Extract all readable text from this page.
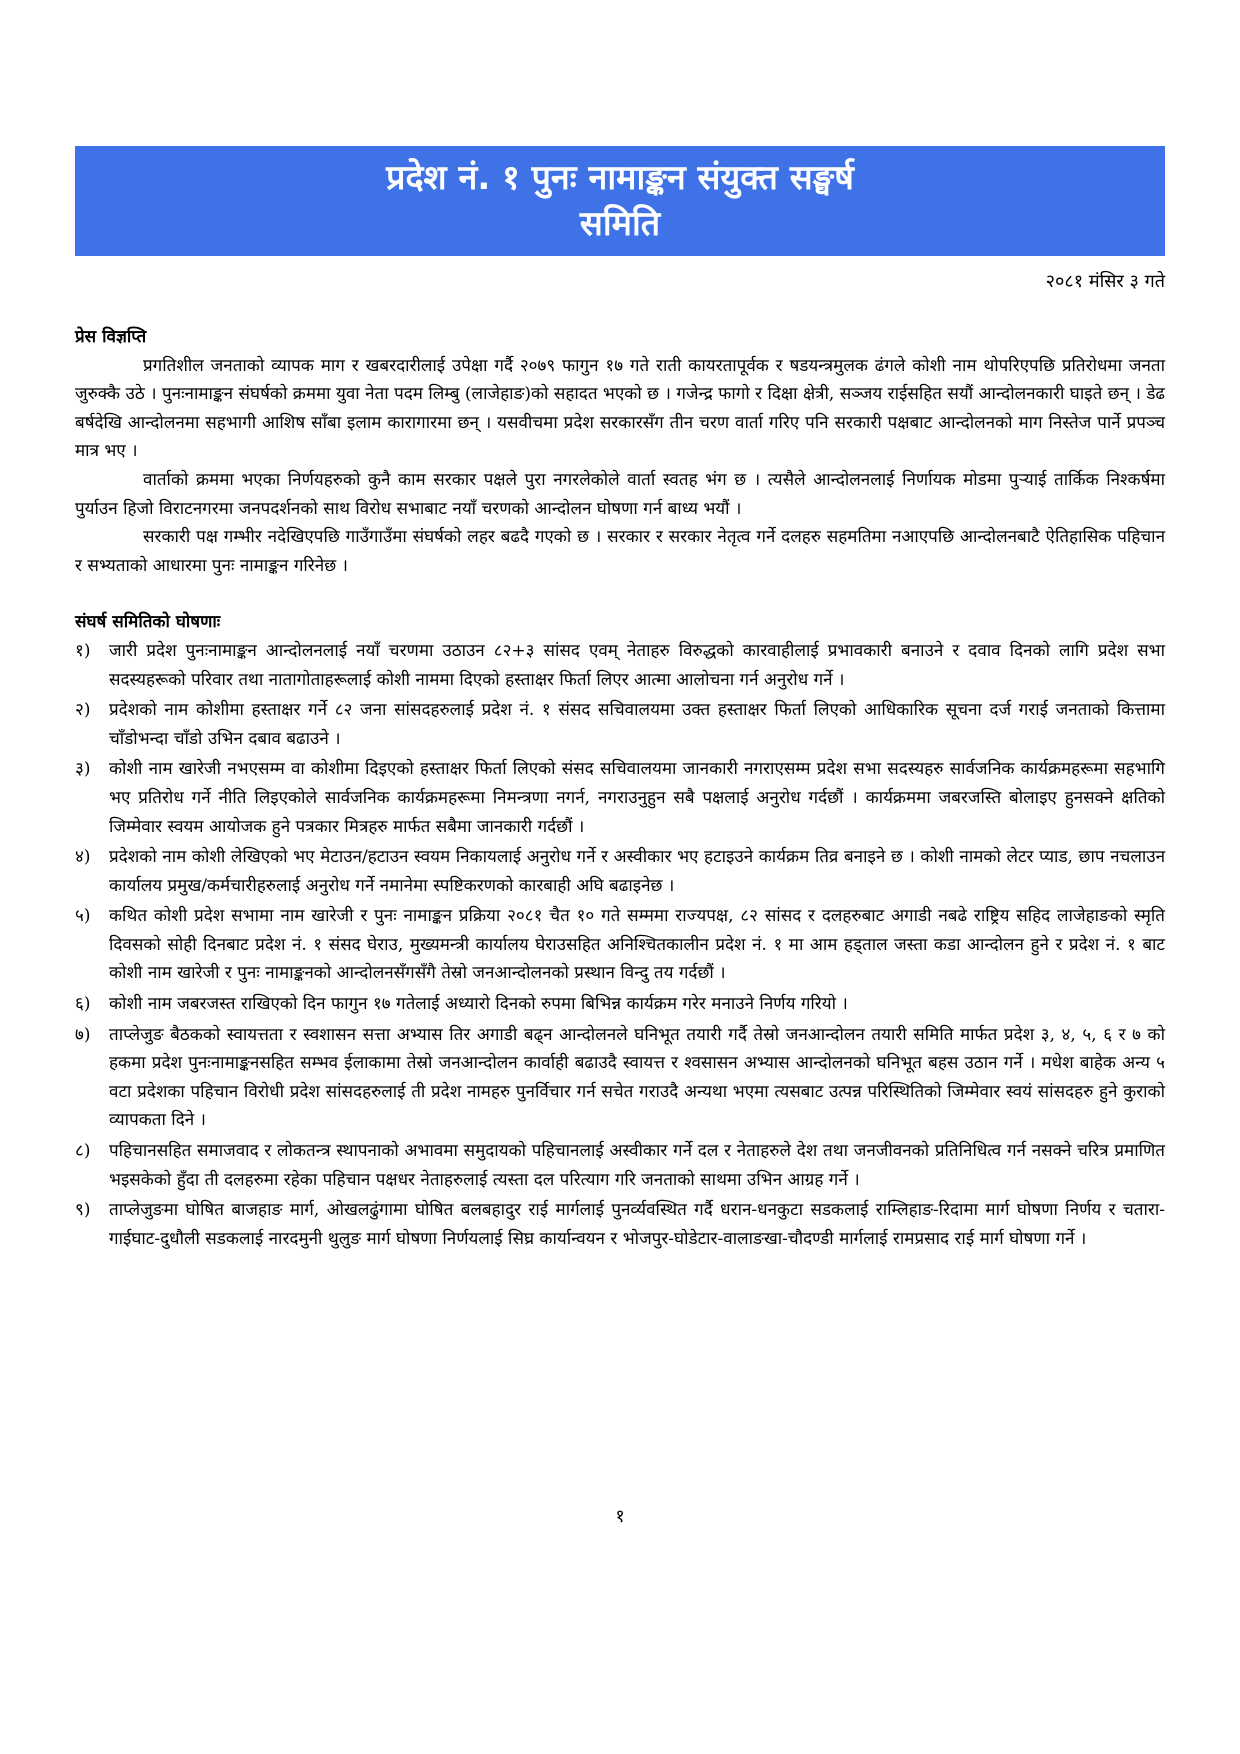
प्रदेश नं. १ पुनः नामाङ्कन संयुक्त सङ्घर्ष
समिति
२०८१ मंसिर ३ गते

प्रेस विज्ञप्ति

प्रगतिशील जनताको व्यापक माग र खबरदारीलाई उपेक्षा गर्दै २०७९ फागुन १७ गते राती कायरतापूर्वक र षडयन्त्रमुलक ढंगले कोशी नाम थोपरिएपछि प्रतिरोधमा जनता जुरुक्कै उठे । पुनःनामाङ्कन संघर्षको क्रममा युवा नेता पदम लिम्बु (लाजेहाङ)को सहादत भएको छ । गजेन्द्र फागो र दिक्षा क्षेत्री, सञ्जय राईसहित सयौं आन्दोलनकारी घाइते छन् । डेढ बर्षदेखि आन्दोलनमा सहभागी आशिष साँबा इलाम कारागारमा छन् । यसवीचमा प्रदेश सरकारसँग तीन चरण वार्ता गरिए पनि सरकारी पक्षबाट आन्दोलनको माग निस्तेज पार्ने प्रपञ्च मात्र भए ।

वार्ताको क्रममा भएका निर्णयहरुको कुनै काम सरकार पक्षले पुरा नगरलेकोले वार्ता स्वतह भंग छ । त्यसैले आन्दोलनलाई निर्णायक मोडमा पुऱ्याई तार्किक निश्कर्षमा पुर्याउन हिजो विराटनगरमा जनपदर्शनको साथ विरोध सभाबाट नयाँ चरणको आन्दोलन घोषणा गर्न बाध्य भयौं ।

सरकारी पक्ष गम्भीर नदेखिएपछि गाउँगाउँमा संघर्षको लहर बढदै गएको छ । सरकार र सरकार नेतृत्व गर्ने दलहरु सहमतिमा नआएपछि आन्दोलनबाटै ऐतिहासिक पहिचान र सभ्यताको आधारमा पुनः नामाङ्कन गरिनेछ ।

संघर्ष समितिको घोषणाः

१)	जारी प्रदेश पुनःनामाङ्कन आन्दोलनलाई नयाँ चरणमा उठाउन ८२+३ सांसद एवम् नेताहरु विरुद्धको कारवाहीलाई प्रभावकारी बनाउने र दवाव दिनको लागि प्रदेश सभा सदस्यहरूको परिवार तथा नातागोताहरूलाई कोशी नाममा दिएको हस्ताक्षर फिर्ता लिएर आत्मा आलोचना गर्न अनुरोध गर्ने ।
२)	प्रदेशको नाम कोशीमा हस्ताक्षर गर्ने ८२ जना सांसदहरुलाई प्रदेश नं. १ संसद सचिवालयमा उक्त हस्ताक्षर फिर्ता लिएको आधिकारिक सूचना दर्ज गराई जनताको कित्तामा चाँडोभन्दा चाँडो उभिन दबाव बढाउने ।
३)	कोशी नाम खारेजी नभएसम्म वा कोशीमा दिइएको हस्ताक्षर फिर्ता लिएको संसद सचिवालयमा जानकारी नगराएसम्म प्रदेश सभा सदस्यहरु सार्वजनिक कार्यक्रमहरूमा सहभागि भए प्रतिरोध गर्ने नीति लिइएकोले सार्वजनिक कार्यक्रमहरूमा निमन्त्रणा नगर्न, नगराउनुहुन सबै पक्षलाई अनुरोध गर्दछौं । कार्यक्रममा जबरजस्ति बोलाइए हुनसक्ने क्षतिको जिम्मेवार स्वयम आयोजक हुने पत्रकार मित्रहरु मार्फत सबैमा जानकारी गर्दछौं ।
४)	प्रदेशको नाम कोशी लेखिएको भए मेटाउन/हटाउन स्वयम निकायलाई अनुरोध गर्ने र अस्वीकार भए हटाइउने कार्यक्रम तिव्र बनाइने छ । कोशी नामको लेटर प्याड, छाप नचलाउन कार्यालय प्रमुख/कर्मचारीहरुलाई अनुरोध गर्ने नमानेमा स्पष्टिकरणको कारबाही अघि बढाइनेछ ।
५)	कथित कोशी प्रदेश सभामा नाम खारेजी र पुनः नामाङ्कन प्रक्रिया २०८१ चैत १० गते सम्ममा राज्यपक्ष, ८२ सांसद र दलहरुबाट अगाडी नबढे राष्ट्रिय सहिद लाजेहाङको स्मृति दिवसको सोही दिनबाट प्रदेश नं. १ संसद घेराउ, मुख्यमन्त्री कार्यालय घेराउसहित अनिश्चितकालीन प्रदेश नं. १ मा आम हड्‍ताल जस्ता कडा आन्दोलन हुने र प्रदेश नं. १ बाट कोशी नाम खारेजी र पुनः नामाङ्कनको आन्दोलनसँगसँगै तेस्रो जनआन्दोलनको प्रस्थान विन्दु तय गर्दछौं ।
६)	कोशी नाम जबरजस्त राखिएको दिन फागुन १७ गतेलाई अध्यारो दिनको रुपमा बिभिन्न कार्यक्रम गरेर मनाउने निर्णय गरियो ।
७)	ताप्लेजुङ बैठकको स्वायत्तता र स्वशासन सत्ता अभ्यास तिर अगाडी बढ्न आन्दोलनले घनिभूत तयारी गर्दै तेस्रो जनआन्दोलन तयारी समिति मार्फत प्रदेश ३, ४, ५, ६ र ७ को हकमा प्रदेश पुनःनामाङ्कनसहित सम्भव ईलाकामा तेस्रो जनआन्दोलन कार्वाही बढाउदै स्वायत्त र श्वसासन अभ्यास आन्दोलनको घनिभूत बहस उठान गर्ने । मधेश बाहेक अन्य ५ वटा प्रदेशका पहिचान विरोधी प्रदेश सांसदहरुलाई ती प्रदेश नामहरु पुनर्विचार गर्न सचेत गराउदै अन्यथा भएमा त्यसबाट उत्पन्न परिस्थितिको जिम्मेवार स्वयं सांसदहरु हुने कुराको व्यापकता दिने ।
८)	पहिचानसहित समाजवाद र लोकतन्त्र स्थापनाको अभावमा समुदायको पहिचानलाई अस्वीकार गर्ने दल र नेताहरुले देश तथा जनजीवनको प्रतिनिधित्व गर्न नसक्ने चरित्र प्रमाणित भइसकेको हुँदा ती दलहरुमा रहेका पहिचान पक्षधर नेताहरुलाई त्यस्ता दल परित्याग गरि जनताको साथमा उभिन आग्रह गर्ने ।
९)	ताप्लेजुङमा घोषित बाजहाङ मार्ग, ओखलढुंगामा घोषित बलबहादुर राई मार्गलाई पुनर्व्यवस्थित गर्दै धरान-धनकुटा सडकलाई राम्लिहाङ-रिदामा मार्ग घोषणा निर्णय र चतारा-गाईघाट-दुधौली सडकलाई नारदमुनी थुलुङ मार्ग घोषणा निर्णयलाई सिघ्र कार्यान्वयन र भोजपुर-घोडेटार-वालाङखा-चौदण्डी मार्गलाई रामप्रसाद राई मार्ग घोषणा गर्ने ।
१
